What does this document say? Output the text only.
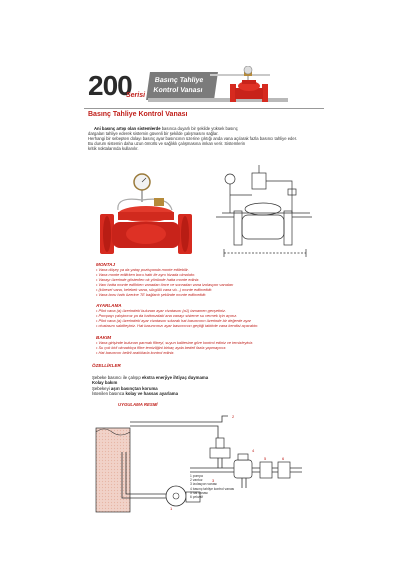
200
Serisi
Basınç Tahliye
Kontrol Vanası
Basınç Tahliye Kontrol Vanası
Ani basınç artışı olan sistemlerde basınca duyarlı bir şekilde yüksek basınç
dargaları tahliye ederek sistemin güvenli bir şekilde çalışmasını sağlar.
Herhangi bir sebepten dolayı basınç ayar basıncının üzerine çıktığı anda vana açılarak fazla basıncı tahliye eder.
Bu durum sistemin daha uzun ömürlü ve sağlıklı çalışmasına imkan verir. Sistemlerin
kritik noktalarında kullanılır.
MONTAJ
• Vana düşey ya da yatay pozisyonda monte edilebilir.
• Vana monte edilirken boru hattı ile aynı hizada olmalıdır.
• Vanayı üzerinde gösterilen ok yönünde hatta monte ediniz.
• Vanı hatta monte edilirken vanadan önce ve sonradan vana izolasyon vanaları
• (küresel vana, kelebek vana, sürgülü vana vb...) monte edilmelidir.
• Vana boru hattı üzerine TE bağlantı şeklinde monte edilmelidir.
AYARLAMA
• Pilot vana (a) üzerindeki bulunan ayar civatasını (a1) tamamen gevşetiniz.
• Pompayı çalıştırınız ya da hattınızdaki ana vanayı sisteme su vermek için açınız.
• Pilot vana (a) üzerindeki ayar civatasını sıkarak hat basıncının üzerinde bir değerde ayar
• civatasını sabitleyiniz. Hat basıncınızı ayar basıncınızı geçtiği taktirde vana kendisi açacaktır.
BAKIM
• Vana girişinde bulunan parmak filtreyi, suyun kalitesine göre kontrol ediniz ve temizleyiniz.
• Su çok kirli olmadıkça filtre temizliğini birkaç ayda bedeli fazla yapmayınız.
• Hat basıncını belirli aralıklarla kontrol ediniz.
ÖZELLİKLER
Şebeke basıncı ile çalışıp ekstra enerjiye ihtiyaç duymama
Kolay bakım
Şebekeyi aşırı basınçtan koruma
İstenilen basınca kolay ve hassas ayarlama
UYGULAMA RESMİ
3
4
5	6
2
1
1 pompa
2 vantuz
3 izolasyon vanası
4 basınç tahliye kontrol vanası
5 hat vanası
6 çekvalf
